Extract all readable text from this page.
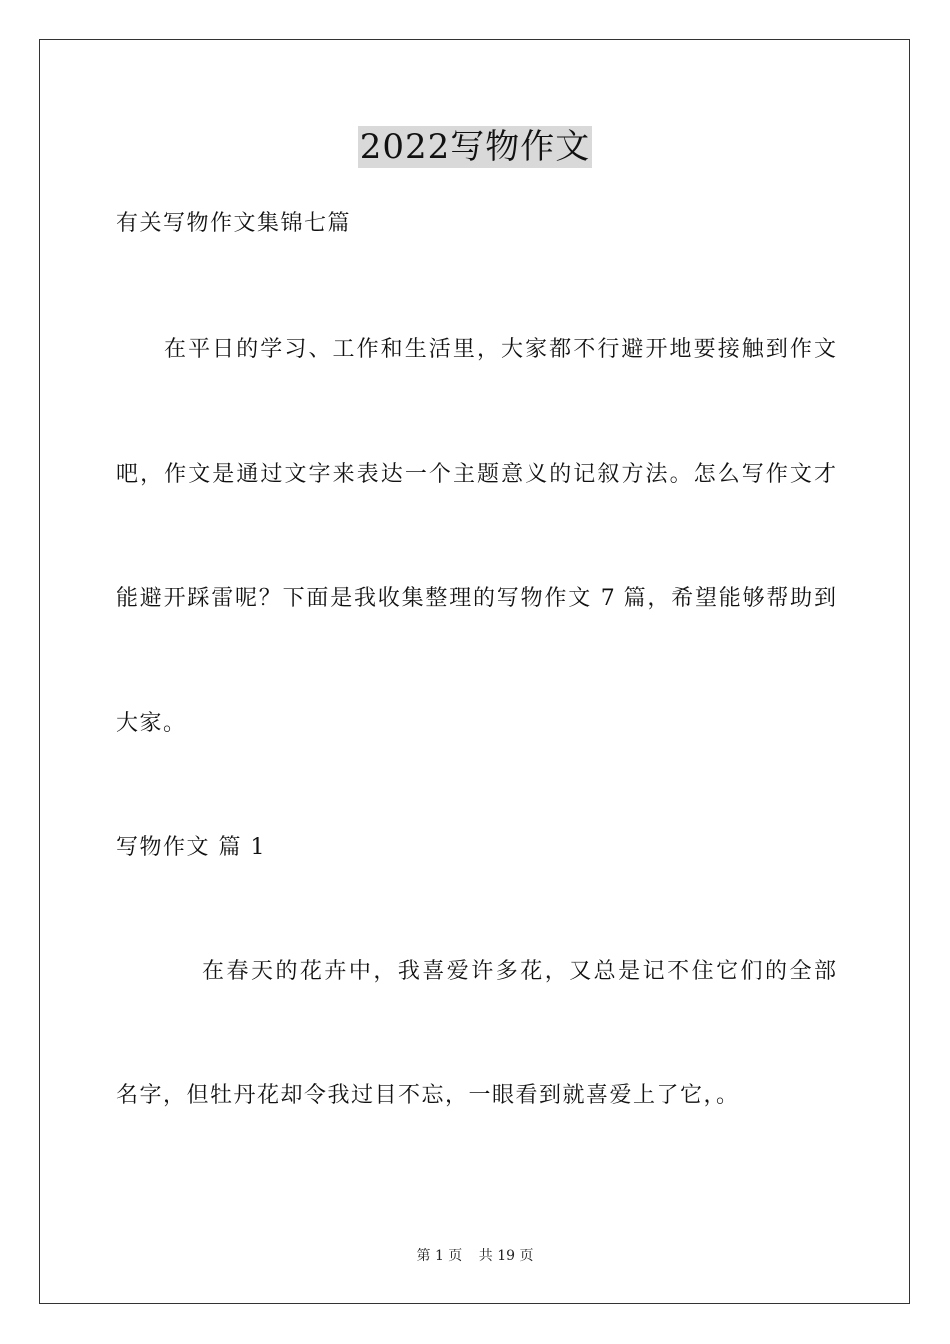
2022写物作文

有关写物作文集锦七篇

在平日的学习、工作和生活里，大家都不行避开地要接触到作文

吧，作文是通过文字来表达一个主题意义的记叙方法。怎么写作文才

能避开踩雷呢？下面是我收集整理的写物作文 7 篇，希望能够帮助到

大家。

写物作文 篇 1

在春天的花卉中，我喜爱许多花，又总是记不住它们的全部

名字，但牡丹花却令我过目不忘，一眼看到就喜爱上了它，。

第 1 页 共 19 页
